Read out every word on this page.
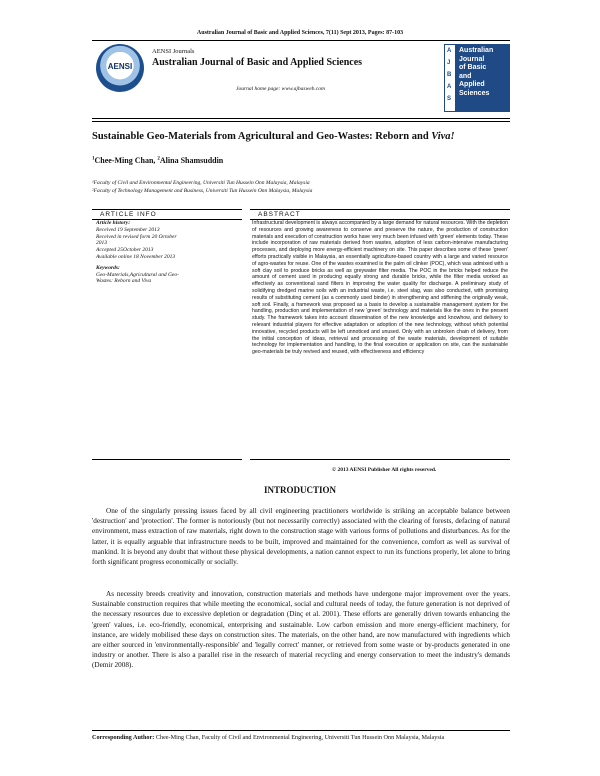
Australian Journal of Basic and Applied Sciences, 7(11) Sept 2013, Pages: 87-103
AENSI
AENSI Journals
Australian Journal of Basic and Applied Sciences
Journal home page: www.ajbasweb.com
A
J
B
A
S
Australian
Journal
of Basic
and
Applied
Sciences
Sustainable Geo-Materials from Agricultural and Geo-Wastes: Reborn and Viva!
$^1$Chee-Ming Chan, $^2$Alina Shamsuddin
¹Faculty of Civil and Environmental Engineering, Universiti Tun Hussein Onn Malaysia, Malaysia
²Faculty of Technology Management and Business, Universiti Tun Hussein Onn Malaysia, Malaysia
ARTICLE INFO
Article history:
Received 19 September 2013
Received in revised form 20 October
2013
Accepted 25October 2013
Available online 18 November 2013
Keywords:
Geo-Materials,Agricultural and Geo-
Wastes: Reborn and Viva
ABSTRACT
Infrastructural development is always accompanied by a large demand for natural resources. With the depletion of resources and growing awareness to conserve and preserve the nature, the production of construction materials and execution of construction works have very much been infused with 'green' elements today. These include incorporation of raw materials derived from wastes, adoption of less carbon-intensive manufacturing processes, and deploying more energy-efficient machinery on site. This paper describes some of these 'green' efforts practically visible in Malaysia, an essentially agriculture-based country with a large and varied resource of agro-wastes for reuse. One of the wastes examined is the palm oil clinker (POC), which was admixed with a soft clay soil to produce bricks as well as greywater filter media. The POC in the bricks helped reduce the amount of cement used in producing equally strong and durable bricks, while the filter media worked as effectively as conventional sand filters in improving the water quality for discharge. A preliminary study of solidifying dredged marine soils with an industrial waste, i.e. steel slag, was also conducted, with promising results of substituting cement (as a commonly used binder) in strengthening and stiffening the originally weak, soft soil. Finally, a framework was proposed as a basis to develop a sustainable management system for the handling, production and implementation of new 'green' technology and materials like the ones in the present study. The framework takes into account dissemination of the new knowledge and knowhow, and delivery to relevant industrial players for effective adaptation or adoption of the new technology, without which potential innovative, recycled products will be left unnoticed and unused. Only with an unbroken chain of delivery, from the initial conception of ideas, retrieval and processing of the waste materials, development of suitable technology for implementation and handling, to the final execution or application on site, can the sustainable geo-materials be truly revived and reused, with effectiveness and efficiency
© 2013 AENSI Publisher All rights reserved.
INTRODUCTION
One of the singularly pressing issues faced by all civil engineering practitioners worldwide is striking an acceptable balance between 'destruction' and 'protection'. The former is notoriously (but not necessarily correctly) associated with the clearing of forests, defacing of natural environment, mass extraction of raw materials, right down to the construction stage with various forms of pollutions and disturbances. As for the latter, it is equally arguable that infrastructure needs to be built, improved and maintained for the convenience, comfort as well as survival of mankind. It is beyond any doubt that without these physical developments, a nation cannot expect to run its functions properly, let alone to bring forth significant progress economically or socially.
As necessity breeds creativity and innovation, construction materials and methods have undergone major improvement over the years. Sustainable construction requires that while meeting the economical, social and cultural needs of today, the future generation is not deprived of the necessary resources due to excessive depletion or degradation (Dinç et al. 2001). These efforts are generally driven towards enhancing the 'green' values, i.e. eco-friendly, economical, enterprising and sustainable. Low carbon emission and more energy-efficient machinery, for instance, are widely mobilised these days on construction sites. The materials, on the other hand, are now manufactured with ingredients which are either sourced in 'environmentally-responsible' and 'legally correct' manner, or retrieved from some waste or by-products generated in one industry or another. There is also a parallel rise in the research of material recycling and energy conservation to meet the industry's demands (Demir 2008).
Corresponding Author: Chee-Ming Chan, Faculty of Civil and Environmental Engineering, Universiti Tun Hussein Onn Malaysia, Malaysia
